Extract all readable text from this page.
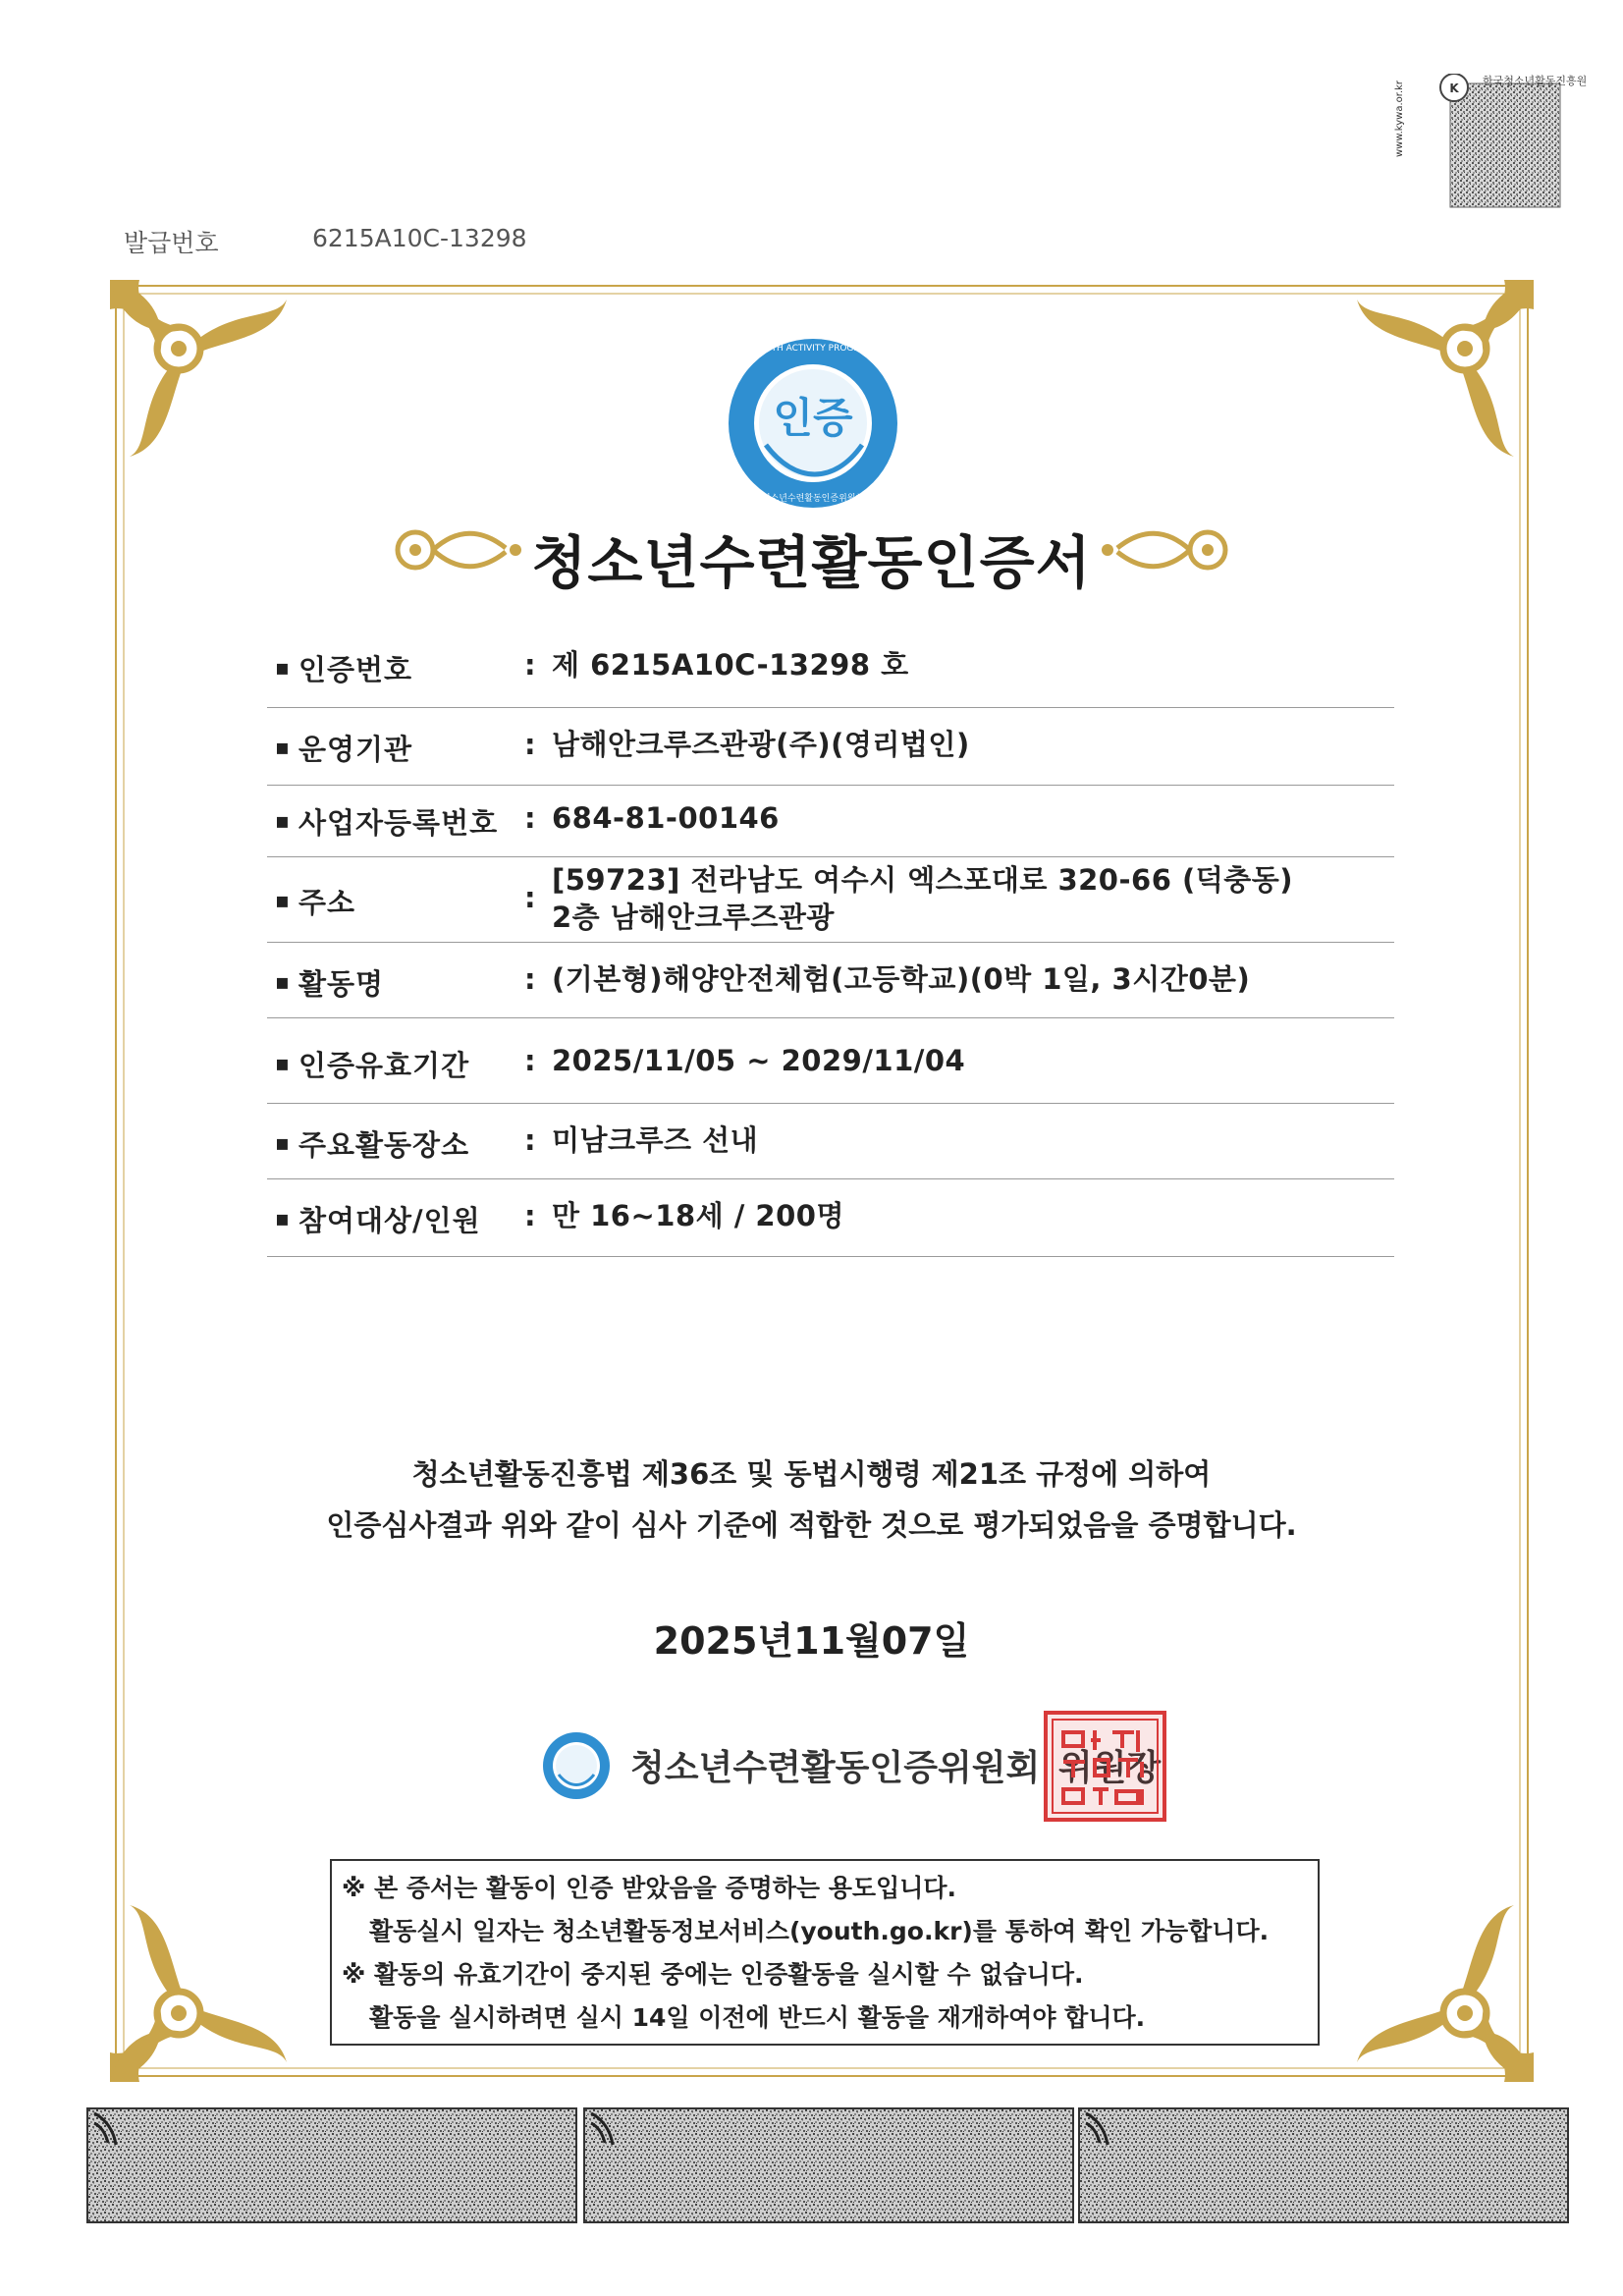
발급번호	6215A10C-13298
K
한국청소년활동진흥원
www.kywa.or.kr
인증
YOUTH ACTIVITY PROGRAM
청소년수련활동인증위원회
청소년수련활동인증서
▪ 인증번호	: 제 6215A10C-13298 호
▪ 운영기관	: 남해안크루즈관광(주)(영리법인)
▪ 사업자등록번호 : 684-81-00146
▪ 주소	:
[59723] 전라남도 여수시 엑스포대로 320-66 (덕충동)
2층 남해안크루즈관광
▪ 활동명	: (기본형)해양안전체험(고등학교)(0박 1일, 3시간0분)
▪ 인증유효기간 : 2025/11/05 ~ 2029/11/04
▪ 주요활동장소 : 미남크루즈 선내
▪ 참여대상/인원 : 만 16~18세 / 200명
청소년활동진흥법 제36조 및 동법시행령 제21조 규정에 의하여
인증심사결과 위와 같이 심사 기준에 적합한 것으로 평가되었음을 증명합니다.
2025년11월07일
청소년수련활동인증위원회
※ 본 증서는 활동이 인증 받았음을 증명하는 용도입니다.
활동실시 일자는 청소년활동정보서비스(youth.go.kr)를 통하여 확인 가능합니다.
※ 활동의 유효기간이 중지된 중에는 인증활동을 실시할 수 없습니다.
활동을 실시하려면 실시 14일 이전에 반드시 활동을 재개하여야 합니다.
